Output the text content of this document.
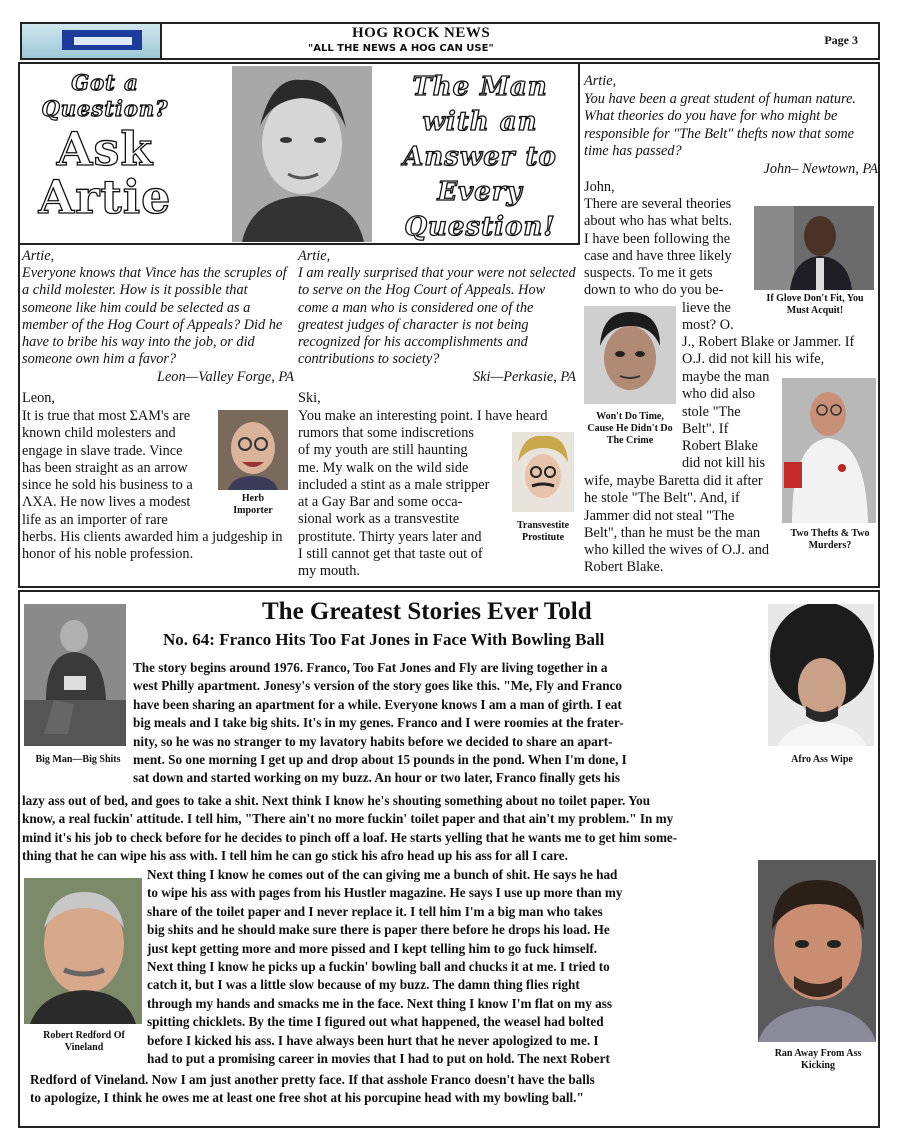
HOG ROCK NEWS
"ALL THE NEWS A HOG CAN USE"
Page 3
Got a Question?
Ask
Artie
The Man with an Answer to Every Question!
Artie,
Everyone knows that Vince has the scruples of a child molester. How is it possible that someone like him could be selected as a member of the Hog Court of Appeals? Did he have to bribe his way into the job, or did someone own him a favor?
Leon—Valley Forge, PA
Leon,
It is true that most ΣAM's are
known child molesters and
engage in slave trade. Vince
has been straight as an arrow
since he sold his business to a
ΛXA. He now lives a modest
life as an importer of rare
herbs. His clients awarded him a judgeship in honor of his noble profession.
Herb Importer
Artie,
I am really surprised that your were not selected to serve on the Hog Court of Appeals. How come a man who is considered one of the greatest judges of character is not being recognized for his accomplishments and contributions to society?
Ski—Perkasie, PA
Ski,
You make an interesting point. I have heard
rumors that some indiscretions
of my youth are still haunting
me. My walk on the wild side
included a stint as a male stripper
at a Gay Bar and some occa-
sional work as a transvestite
prostitute. Thirty years later and
I still cannot get that taste out of
my mouth.
Transvestite Prostitute
Artie,
You have been a great student of human nature. What theories do you have for who might be responsible for "The Belt" thefts now that some time has passed?
John– Newtown, PA
John,
There are several theories
about who has what belts.
I have been following the
case and have three likely
suspects. To me it gets
down to who do you be-
If Glove Don't Fit, You Must Acquit!
Won't Do Time, Cause He Didn't Do The Crime
lieve the
most? O.
J., Robert Blake or Jammer. If
O.J. did not kill his wife,
maybe the man
who did also
stole "The
Belt". If
Robert Blake
did not kill his
Two Thefts & Two Murders?
wife, maybe Baretta did it after
he stole "The Belt". And, if
Jammer did not steal "The
Belt", than he must be the man
who killed the wives of O.J. and
Robert Blake.
The Greatest Stories Ever Told
No. 64: Franco Hits Too Fat Jones in Face With Bowling Ball
Big Man—Big Shits	Afro Ass Wipe
The story begins around 1976. Franco, Too Fat Jones and Fly are living together in a
west Philly apartment. Jonesy's version of the story goes like this. "Me, Fly and Franco
have been sharing an apartment for a while. Everyone knows I am a man of girth. I eat
big meals and I take big shits. It's in my genes. Franco and I were roomies at the frater-
nity, so he was no stranger to my lavatory habits before we decided to share an apart-
ment. So one morning I get up and drop about 15 pounds in the pond. When I'm done, I
sat down and started working on my buzz. An hour or two later, Franco finally gets his
lazy ass out of bed, and goes to take a shit. Next think I know he's shouting something about no toilet paper. You
know, a real fuckin' attitude. I tell him, "There ain't no more fuckin' toilet paper and that ain't my problem." In my
mind it's his job to check before for he decides to pinch off a loaf. He starts yelling that he wants me to get him some-
thing that he can wipe his ass with. I tell him he can go stick his afro head up his ass for all I care.
Robert Redford Of Vineland
Next thing I know he comes out of the can giving me a bunch of shit. He says he had
to wipe his ass with pages from his Hustler magazine. He says I use up more than my
share of the toilet paper and I never replace it. I tell him I'm a big man who takes
big shits and he should make sure there is paper there before he drops his load. He
just kept getting more and more pissed and I kept telling him to go fuck himself.
Next thing I know he picks up a fuckin' bowling ball and chucks it at me. I tried to
catch it, but I was a little slow because of my buzz. The damn thing flies right
through my hands and smacks me in the face. Next thing I know I'm flat on my ass
spitting chicklets. By the time I figured out what happened, the weasel had bolted
before I kicked his ass. I have always been hurt that he never apologized to me. I
had to put a promising career in movies that I had to put on hold. The next Robert	Ran Away From Ass Kicking
Redford of Vineland. Now I am just another pretty face. If that asshole Franco doesn't have the balls
to apologize, I think he owes me at least one free shot at his porcupine head with my bowling ball."
